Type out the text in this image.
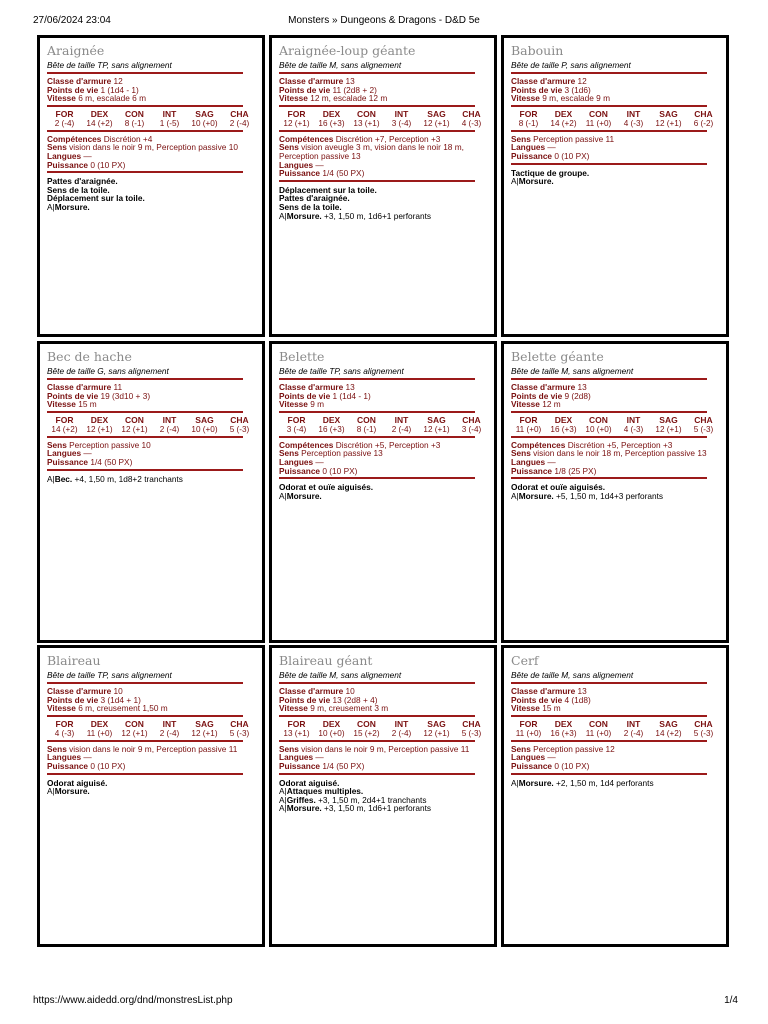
27/06/2024 23:04	Monsters » Dungeons & Dragons - D&D 5e
Araignée
Bête de taille TP, sans alignement
Classe d'armure 12
Points de vie 1 (1d4 - 1)
Vitesse 6 m, escalade 6 m
FOR
2 (-4)
DEX
14 (+2)
CON
8 (-1)
INT
1 (-5)
SAG
10 (+0)
CHA
2 (-4)
Compétences Discrétion +4
Sens vision dans le noir 9 m, Perception passive 10
Langues —
Puissance 0 (10 PX)
Pattes d'araignée.
Sens de la toile.
Déplacement sur la toile.
A|Morsure.
Araignée-loup géante
Bête de taille M, sans alignement
Classe d'armure 13
Points de vie 11 (2d8 + 2)
Vitesse 12 m, escalade 12 m
FOR
12 (+1)
DEX
16 (+3)
CON
13 (+1)
INT
3 (-4)
SAG
12 (+1)
CHA
4 (-3)
Compétences Discrétion +7, Perception +3
Sens vision aveugle 3 m, vision dans le noir 18 m,
Perception passive 13
Langues —
Puissance 1/4 (50 PX)
Déplacement sur la toile.
Pattes d'araignée.
Sens de la toile.
A|Morsure. +3, 1,50 m, 1d6+1 perforants
Babouin
Bête de taille P, sans alignement
Classe d'armure 12
Points de vie 3 (1d6)
Vitesse 9 m, escalade 9 m
FOR
8 (-1)
DEX
14 (+2)
CON
11 (+0)
INT
4 (-3)
SAG
12 (+1)
CHA
6 (-2)
Sens Perception passive 11
Langues —
Puissance 0 (10 PX)
Tactique de groupe.
A|Morsure.
Bec de hache
Bête de taille G, sans alignement
Classe d'armure 11
Points de vie 19 (3d10 + 3)
Vitesse 15 m
FOR
14 (+2)
DEX
12 (+1)
CON
12 (+1)
INT
2 (-4)
SAG
10 (+0)
CHA
5 (-3)
Sens Perception passive 10
Langues —
Puissance 1/4 (50 PX)
A|Bec. +4, 1,50 m, 1d8+2 tranchants
Belette
Bête de taille TP, sans alignement
Classe d'armure 13
Points de vie 1 (1d4 - 1)
Vitesse 9 m
FOR
3 (-4)
DEX
16 (+3)
CON
8 (-1)
INT
2 (-4)
SAG
12 (+1)
CHA
3 (-4)
Compétences Discrétion +5, Perception +3
Sens Perception passive 13
Langues —
Puissance 0 (10 PX)
Odorat et ouïe aiguisés.
A|Morsure.
Belette géante
Bête de taille M, sans alignement
Classe d'armure 13
Points de vie 9 (2d8)
Vitesse 12 m
FOR
11 (+0)
DEX
16 (+3)
CON
10 (+0)
INT
4 (-3)
SAG
12 (+1)
CHA
5 (-3)
Compétences Discrétion +5, Perception +3
Sens vision dans le noir 18 m, Perception passive 13
Langues —
Puissance 1/8 (25 PX)
Odorat et ouïe aiguisés.
A|Morsure. +5, 1,50 m, 1d4+3 perforants
Blaireau
Bête de taille TP, sans alignement
Classe d'armure 10
Points de vie 3 (1d4 + 1)
Vitesse 6 m, creusement 1,50 m
FOR
4 (-3)
DEX
11 (+0)
CON
12 (+1)
INT
2 (-4)
SAG
12 (+1)
CHA
5 (-3)
Sens vision dans le noir 9 m, Perception passive 11
Langues —
Puissance 0 (10 PX)
Odorat aiguisé.
A|Morsure.
Blaireau géant
Bête de taille M, sans alignement
Classe d'armure 10
Points de vie 13 (2d8 + 4)
Vitesse 9 m, creusement 3 m
FOR
13 (+1)
DEX
10 (+0)
CON
15 (+2)
INT
2 (-4)
SAG
12 (+1)
CHA
5 (-3)
Sens vision dans le noir 9 m, Perception passive 11
Langues —
Puissance 1/4 (50 PX)
Odorat aiguisé.
A|Attaques multiples.
A|Griffes. +3, 1,50 m, 2d4+1 tranchants
A|Morsure. +3, 1,50 m, 1d6+1 perforants
Cerf
Bête de taille M, sans alignement
Classe d'armure 13
Points de vie 4 (1d8)
Vitesse 15 m
FOR
11 (+0)
DEX
16 (+3)
CON
11 (+0)
INT
2 (-4)
SAG
14 (+2)
CHA
5 (-3)
Sens Perception passive 12
Langues —
Puissance 0 (10 PX)
A|Morsure. +2, 1,50 m, 1d4 perforants
https://www.aidedd.org/dnd/monstresList.php	1/4
